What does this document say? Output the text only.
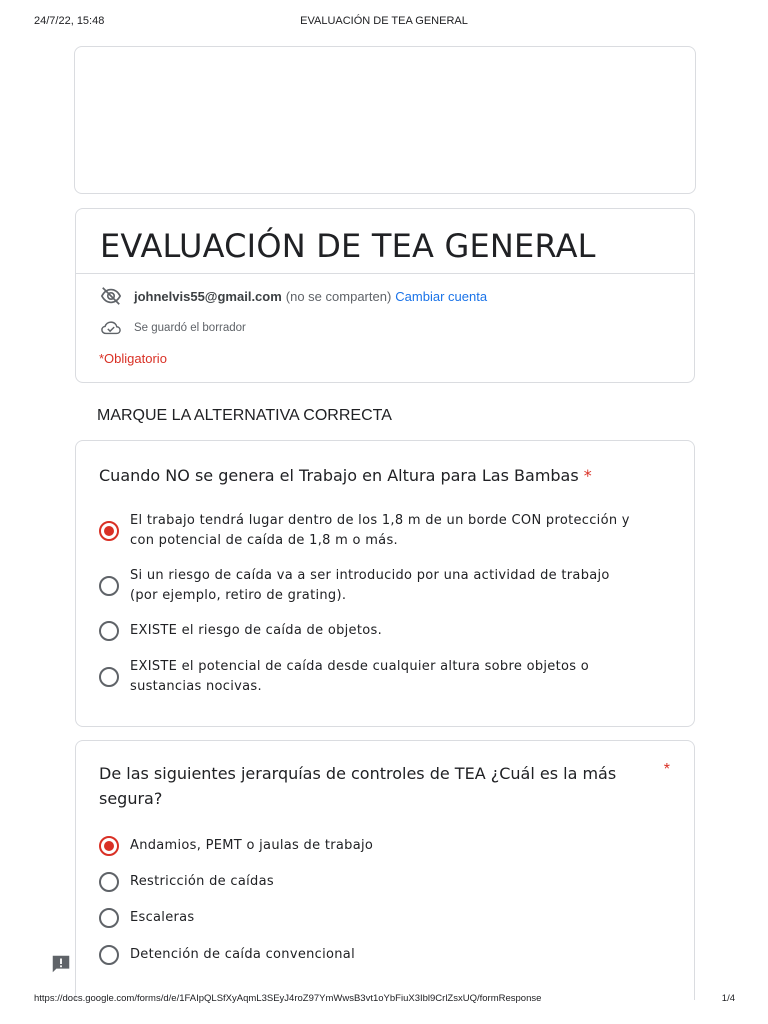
24/7/22, 15:48	EVALUACIÓN DE TEA GENERAL
EVALUACIÓN DE TEA GENERAL
johnelvis55@gmail.com (no se comparten) Cambiar cuenta
Se guardó el borrador
*Obligatorio
MARQUE LA ALTERNATIVA CORRECTA
Cuando NO se genera el Trabajo en Altura para Las Bambas *
El trabajo tendrá lugar dentro de los 1,8 m de un borde CON protección y con potencial de caída de 1,8 m o más.
Si un riesgo de caída va a ser introducido por una actividad de trabajo (por ejemplo, retiro de grating).
EXISTE el riesgo de caída de objetos.
EXISTE el potencial de caída desde cualquier altura sobre objetos o sustancias nocivas.
De las siguientes jerarquías de controles de TEA ¿Cuál es la más segura?
*
Andamios, PEMT o jaulas de trabajo
Restricción de caídas
Escaleras
Detención de caída convencional
https://docs.google.com/forms/d/e/1FAIpQLSfXyAqmL3SEyJ4roZ97YmWwsB3vt1oYbFiuX3Ibl9CrlZsxUQ/formResponse	1/4
